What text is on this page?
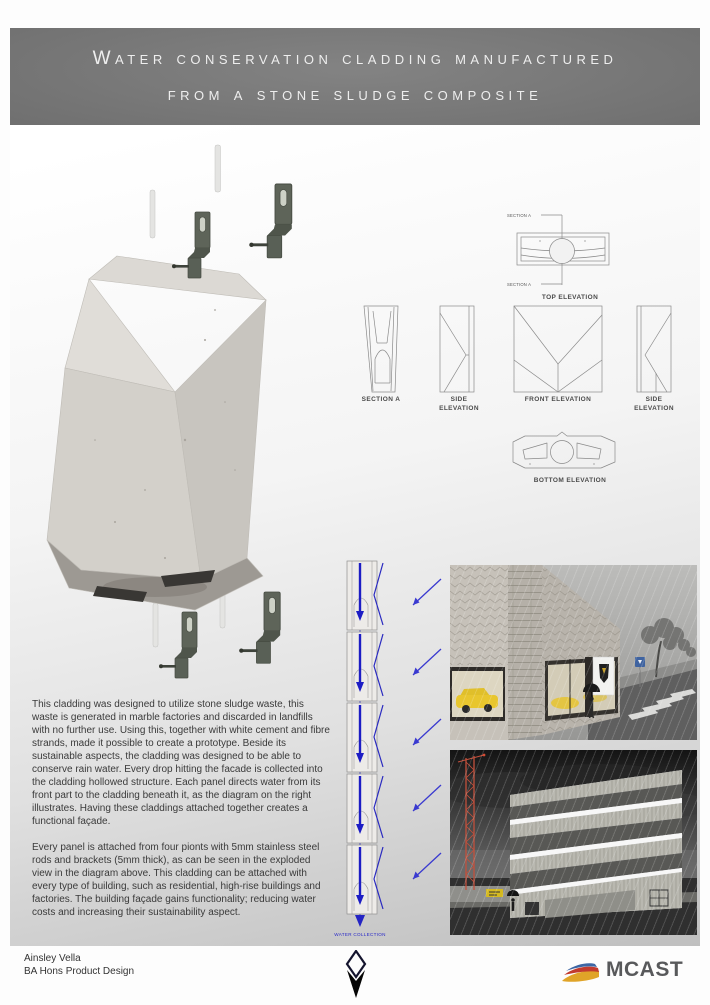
Water conservation cladding manufactured
from a stone sludge composite
SECTION A
SECTION A
TOP ELEVATION
SECTION A	SIDE ELEVATION
FRONT ELEVATION	SIDE ELEVATION
BOTTOM ELEVATION
WATER COLLECTION

This cladding was designed to utilize stone sludge waste, this waste is generated in marble factories and discarded in landfills with no further use. Using this, together with white cement and fibre strands, made it possible to create a prototype. Beside its sustainable aspects, the cladding was designed to be able to conserve rain water. Every drop hitting the facade is collected into the cladding hollowed structure. Each panel directs water from its front part to the cladding beneath it, as the diagram on the right illustrates. Having these claddings attached together creates a functional façade.

Every panel is attached from four pionts with 5mm stainless steel rods and brackets (5mm thick), as can be seen in the exploded view in the diagram above. This cladding can be attached with every type of building, such as residential, high-rise buildings and factories. The building façade gains functionality; reducing water costs and increasing their sustainability aspect.

Ainsley Vella
BA Hons Product Design	MCAST
